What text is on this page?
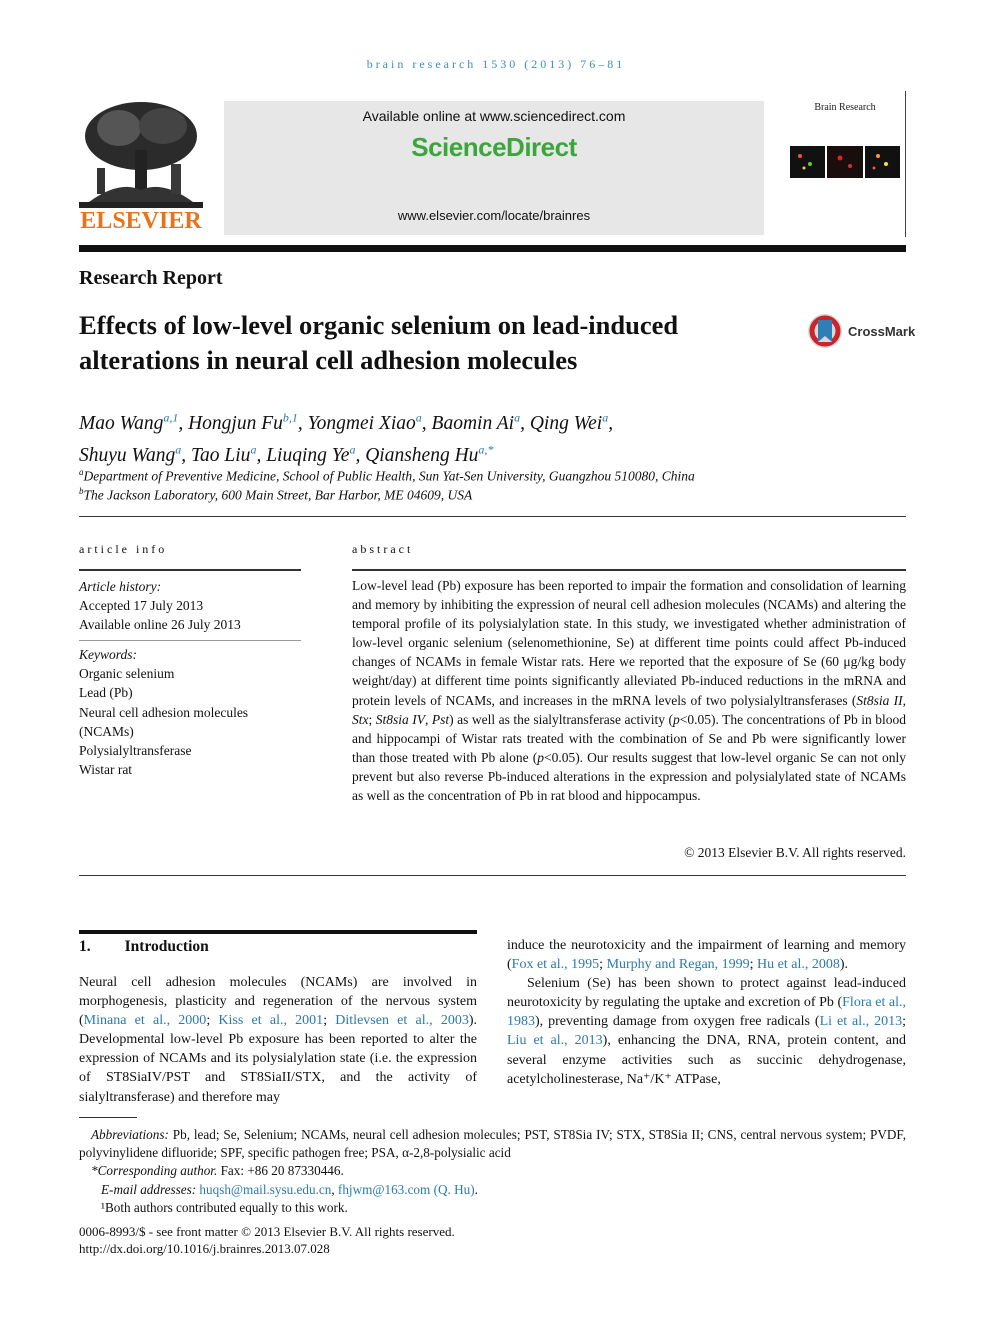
brain research 1530 (2013) 76–81
ELSEVIER
Available online at www.sciencedirect.com
ScienceDirect
www.elsevier.com/locate/brainres
Brain Research
Research Report
Effects of low-level organic selenium on lead-induced alterations in neural cell adhesion molecules
CrossMark
Mao Wang$^{a,1}$, Hongjun Fu$^{b,1}$, Yongmei Xiao$^a$, Baomin Ai$^a$, Qing Wei$^a$,
Shuyu Wang$^a$, Tao Liu$^a$, Liuqing Ye$^a$, Qiansheng $Hu^{a,*}$
$^a$Department of Preventive Medicine, School of Public Health, Sun Yat-Sen University, Guangzhou 510080, China
$^b$The Jackson Laboratory, 600 Main Street, Bar Harbor, ME 04609, USA
article info
Article history:
Accepted 17 July 2013
Available online 26 July 2013
Keywords:
Organic selenium
Lead (Pb)
Neural cell adhesion molecules
(NCAMs)
Polysialyltransferase
Wistar rat
abstract
Low-level lead (Pb) exposure has been reported to impair the formation and consolidation of learning and memory by inhibiting the expression of neural cell adhesion molecules (NCAMs) and altering the temporal profile of its polysialylation state. In this study, we investigated whether administration of low-level organic selenium (selenomethionine, Se) at different time points could affect Pb-induced changes of NCAMs in female Wistar rats. Here we reported that the exposure of Se (60 μg/kg body weight/day) at different time points significantly alleviated Pb-induced reductions in the mRNA and protein levels of NCAMs, and increases in the mRNA levels of two polysialyltransferases (St8sia II, Stx; St8sia IV, Pst) as well as the sialyltransferase activity (p<0.05). The concentrations of Pb in blood and hippocampi of Wistar rats treated with the combination of Se and Pb were significantly lower than those treated with Pb alone (p<0.05). Our results suggest that low-level organic Se can not only prevent but also reverse Pb-induced alterations in the expression and polysialylated state of NCAMs as well as the concentration of Pb in rat blood and hippocampus.
© 2013 Elsevier B.V. All rights reserved.
1. Introduction
Neural cell adhesion molecules (NCAMs) are involved in morphogenesis, plasticity and regeneration of the nervous system (Minana et al., 2000; Kiss et al., 2001; Ditlevsen et al., 2003). Developmental low-level Pb exposure has been reported to alter the expression of NCAMs and its polysialylation state (i.e. the expression of ST8SiaIV/PST and ST8SiaII/STX, and the activity of sialyltransferase) and therefore may
induce the neurotoxicity and the impairment of learning and memory (Fox et al., 1995; Murphy and Regan, 1999; Hu et al., 2008).
Selenium (Se) has been shown to protect against lead-induced neurotoxicity by regulating the uptake and excretion of Pb (Flora et al., 1983), preventing damage from oxygen free radicals (Li et al., 2013; Liu et al., 2013), enhancing the DNA, RNA, protein content, and several enzyme activities such as succinic dehydrogenase, acetylcholinesterase, Na⁺/K⁺ ATPase,
Abbreviations: Pb, lead; Se, Selenium; NCAMs, neural cell adhesion molecules; PST, ST8Sia IV; STX, ST8Sia II; CNS, central nervous system; PVDF, polyvinylidene difluoride; SPF, specific pathogen free; PSA, α-2,8-polysialic acid
*Corresponding author. Fax: +86 20 87330446.
E-mail addresses: huqsh@mail.sysu.edu.cn, fhjwm@163.com (Q. Hu).
¹Both authors contributed equally to this work.
0006-8993/$ - see front matter © 2013 Elsevier B.V. All rights reserved.
http://dx.doi.org/10.1016/j.brainres.2013.07.028
